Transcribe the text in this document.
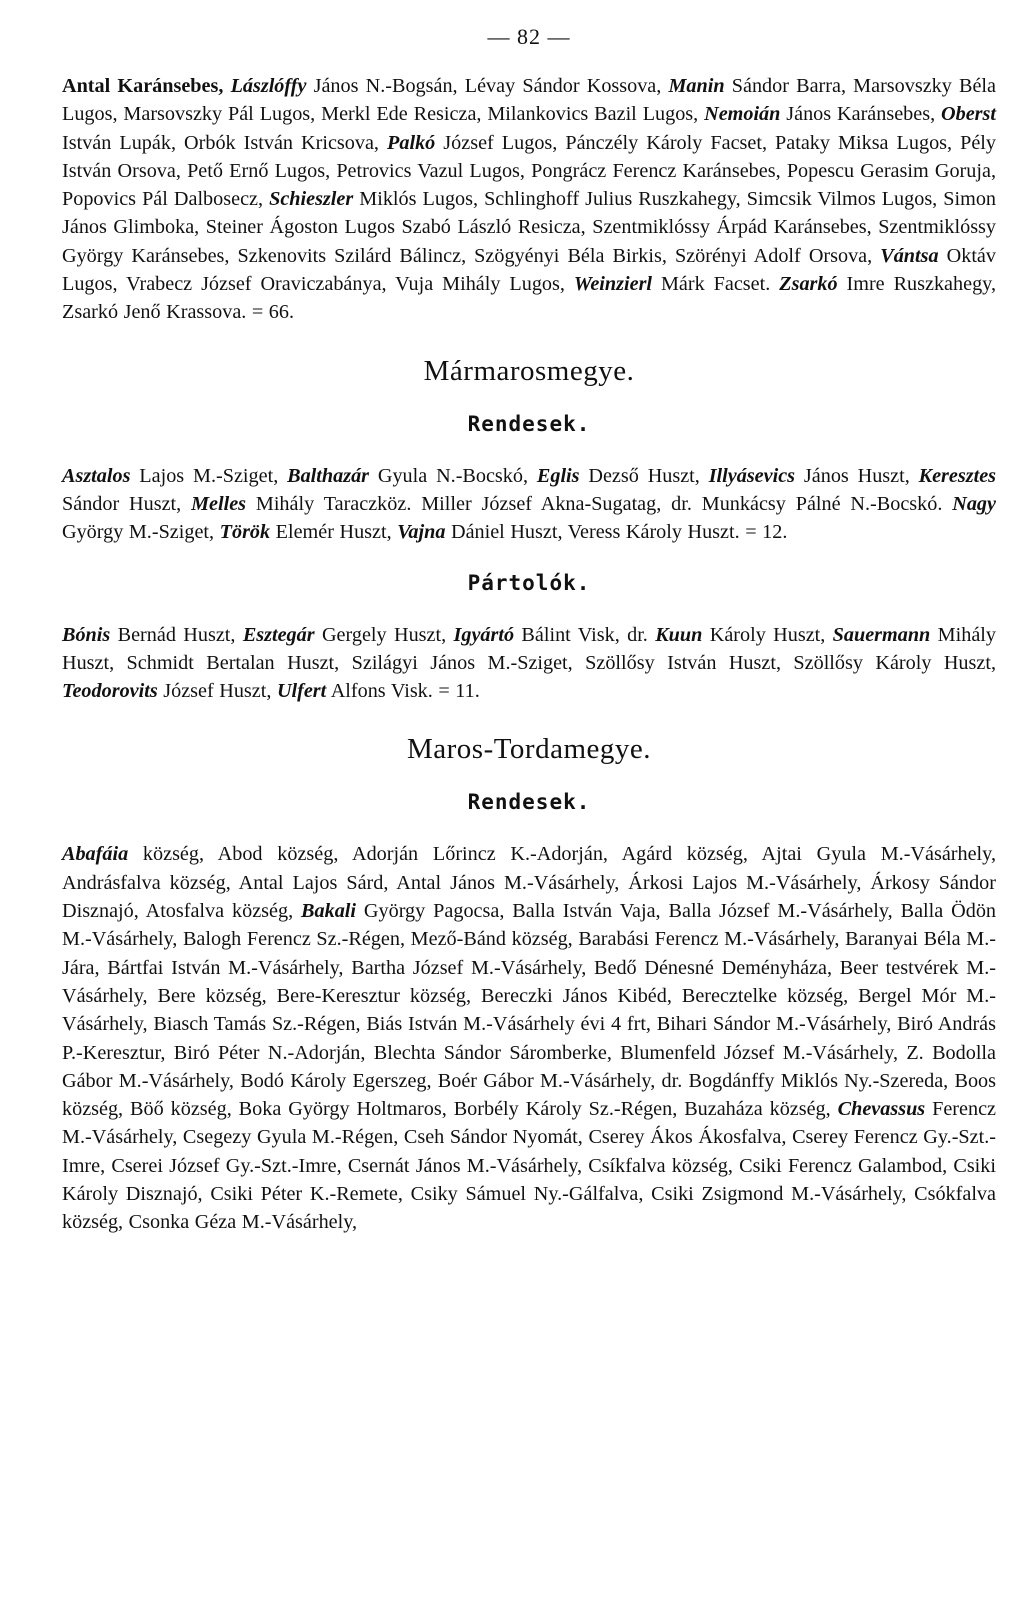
— 82 —

Antal Karánsebes, Lászlóffy János N.-Bogsán, Lévay Sándor Kossova, Manin Sándor Barra, Marsovszky Béla Lugos, Marsovszky Pál Lugos, Merkl Ede Resicza, Milankovics Bazil Lugos, Nemoián János Karánsebes, Oberst István Lupák, Orbók István Kricsova, Palkó József Lugos, Pánczély Károly Facset, Pataky Miksa Lugos, Pély István Orsova, Pető Ernő Lugos, Petrovics Vazul Lugos, Pongrácz Ferencz Karánsebes, Popescu Gerasim Goruja, Popovics Pál Dalbosecz, Schieszler Miklós Lugos, Schlinghoff Julius Ruszkahegy, Simcsik Vilmos Lugos, Simon János Glimboka, Steiner Ágoston Lugos Szabó László Resicza, Szentmiklóssy Árpád Karánsebes, Szentmiklóssy György Karánsebes, Szkenovits Szilárd Bálincz, Szögyényi Béla Birkis, Szörényi Adolf Orsova, Vántsa Oktáv Lugos, Vrabecz József Oraviczabánya, Vuja Mihály Lugos, Weinzierl Márk Facset. Zsarkó Imre Ruszkahegy, Zsarkó Jenő Krassova. = 66.

Mármarosmegye.
Rendesek.

Asztalos Lajos M.-Sziget, Balthazár Gyula N.-Bocskó, Eglis Dezső Huszt, Illyásevics János Huszt, Keresztes Sándor Huszt, Melles Mihály Taraczköz. Miller József Akna-Sugatag, dr. Munkácsy Pálné N.-Bocskó. Nagy György M.-Sziget, Török Elemér Huszt, Vajna Dániel Huszt, Veress Károly Huszt. = 12.

Pártolók.

Bónis Bernád Huszt, Esztegár Gergely Huszt, Igyártó Bálint Visk, dr. Kuun Károly Huszt, Sauermann Mihály Huszt, Schmidt Bertalan Huszt, Szilágyi János M.-Sziget, Szöllősy István Huszt, Szöllősy Károly Huszt, Teodorovits József Huszt, Ulfert Alfons Visk. = 11.

Maros-Tordamegye.
Rendesek.

Abafáia község, Abod község, Adorján Lőrincz K.-Adorján, Agárd község, Ajtai Gyula M.-Vásárhely, Andrásfalva község, Antal Lajos Sárd, Antal János M.-Vásárhely, Árkosi Lajos M.-Vásárhely, Árkosy Sándor Disznajó, Atosfalva község, Bakali György Pagocsa, Balla István Vaja, Balla József M.-Vásárhely, Balla Ödön M.-Vásárhely, Balogh Ferencz Sz.-Régen, Mező-Bánd község, Barabási Ferencz M.-Vásárhely, Baranyai Béla M.-Jára, Bártfai István M.-Vásárhely, Bartha József M.-Vásárhely, Bedő Dénesné Deményháza, Beer testvérek M.-Vásárhely, Bere község, Bere-Keresztur község, Bereczki János Kibéd, Berecztelke község, Bergel Mór M.-Vásárhely, Biasch Tamás Sz.-Régen, Biás István M.-Vásárhely évi 4 frt, Bihari Sándor M.-Vásárhely, Biró András P.-Keresztur, Biró Péter N.-Adorján, Blechta Sándor Sáromberke, Blumenfeld József M.-Vásárhely, Z. Bodolla Gábor M.-Vásárhely, Bodó Károly Egerszeg, Boér Gábor M.-Vásárhely, dr. Bogdánffy Miklós Ny.-Szereda, Boos község, Böő község, Boka György Holtmaros, Borbély Károly Sz.-Régen, Buzaháza község, Chevassus Ferencz M.-Vásárhely, Csegezy Gyula M.-Régen, Cseh Sándor Nyomát, Cserey Ákos Ákosfalva, Cserey Ferencz Gy.-Szt.-Imre, Cserei József Gy.-Szt.-Imre, Csernát János M.-Vásárhely, Csíkfalva község, Csiki Ferencz Galambod, Csiki Károly Disznajó, Csiki Péter K.-Remete, Csiky Sámuel Ny.-Gálfalva, Csiki Zsigmond M.-Vásárhely, Csókfalva község, Csonka Géza M.-Vásárhely,
